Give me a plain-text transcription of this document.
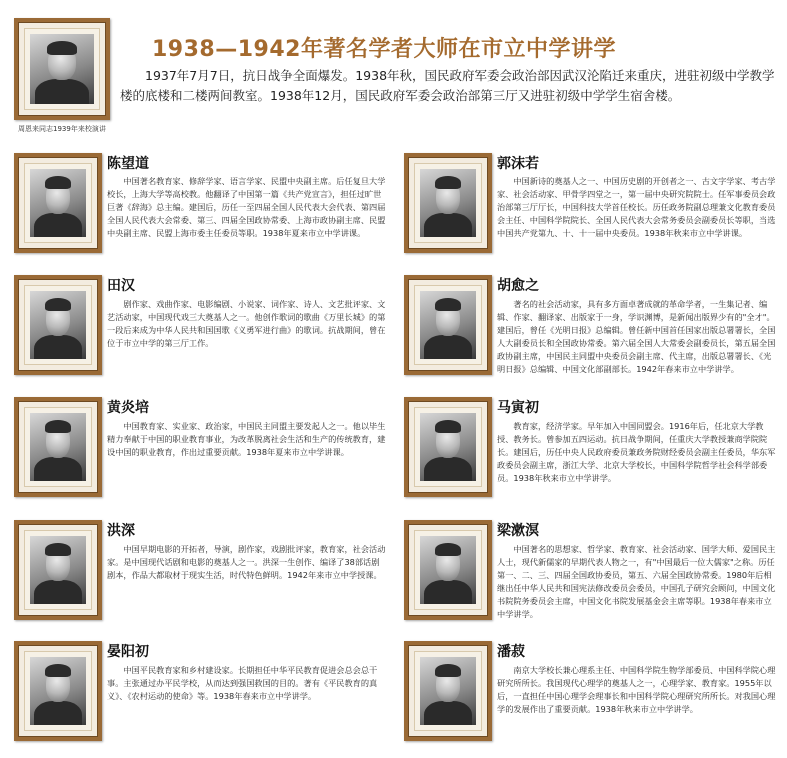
周恩来同志1939年来校演讲
1938—1942年著名学者大师在市立中学讲学
1937年7月7日，抗日战争全面爆发。1938年秋，国民政府军委会政治部因武汉沦陷迁来重庆，进驻初级中学教学楼的底楼和二楼两间教室。1938年12月，国民政府军委会政治部第三厅又进驻初级中学学生宿舍楼。
陈望道
中国著名教育家、修辞学家、语言学家、民盟中央副主席。后任复旦大学校长，上海大学等高校教。他翻译了中国第一篇《共产党宣言》，担任过旷世巨著《辞海》总主编。建国后，历任一至四届全国人民代表大会代表、第四届全国人民代表大会常委、第三、四届全国政协常委、上海市政协副主席、民盟中央副主席、民盟上海市委主任委员等职。1938年夏来市立中学讲课。
田汉
剧作家、戏曲作家、电影编剧、小说家、词作家、诗人、文艺批评家、文艺活动家，中国现代戏三大奠基人之一。他创作歌词的歌曲《万里长城》的第一段后来成为中华人民共和国国歌《义勇军进行曲》的歌词。抗战期间，曾在位于市立中学的第三厅工作。
黄炎培
中国教育家、实业家、政治家，中国民主同盟主要发起人之一。他以毕生精力奉献于中国的职业教育事业，为改革脱离社会生活和生产的传统教育，建设中国的职业教育，作出过重要贡献。1938年夏来市立中学讲课。
洪深
中国早期电影的开拓者，导演，剧作家，戏剧批评家，教育家，社会活动家。是中国现代话剧和电影的奠基人之一。洪深一生创作、编译了38部话剧剧本，作品大都取材于现实生活，时代特色鲜明。1942年来市立中学授课。
晏阳初
中国平民教育家和乡村建设家。长期担任中华平民教育促进会总会总干事。主张通过办平民学校，从而达到强国救国的目的。著有《平民教育的真义》、《农村运动的使命》等。1938年春来市立中学讲学。
郭沫若
中国新诗的奠基人之一、中国历史剧的开创者之一、古文字学家、考古学家、社会活动家、甲骨学四堂之一，第一届中央研究院院士。任军事委员会政治部第三厅厅长，中国科技大学首任校长。历任政务院副总理兼文化教育委员会主任、中国科学院院长、全国人民代表大会常务委员会副委员长等职，当选中国共产党第九、十、十一届中央委员。1938年秋来市立中学讲课。
胡愈之
著名的社会活动家，具有多方面卓著成就的革命学者，一生集记者、编辑、作家、翻译家、出版家于一身，学识渊博，是新闻出版界少有的"全才"。建国后，曾任《光明日报》总编辑。曾任新中国首任国家出版总署署长，全国人大副委员长和全国政协常委。第六届全国人大常委会副委员长，第五届全国政协副主席，中国民主同盟中央委员会副主席、代主席，出版总署署长、《光明日报》总编辑、中国文化部副部长。1942年春来市立中学讲学。
马寅初
教育家，经济学家。早年加入中国同盟会。1916年后，任北京大学教授、教务长。曾参加五四运动。抗日战争期间，任重庆大学教授兼商学院院长。建国后，历任中央人民政府委员兼政务院财经委员会副主任委员，华东军政委员会副主席，浙江大学、北京大学校长，中国科学院哲学社会科学部委员。1938年秋来市立中学讲学。
梁漱溟
中国著名的思想家、哲学家、教育家、社会活动家、国学大师、爱国民主人士，现代新儒家的早期代表人物之一，有"中国最后一位大儒家"之称。历任第一、二、三、四届全国政协委员，第五、六届全国政协常委。1980年后相继出任中华人民共和国宪法修改委员会委员，中国孔子研究会顾问，中国文化书院院务委员会主席，中国文化书院发展基金会主席等职。1938年春来市立中学讲学。
潘菽
南京大学校长兼心理系主任、中国科学院生物学部委员、中国科学院心理研究所所长。我国现代心理学的奠基人之一，心理学家、教育家。1955年以后，一直担任中国心理学会理事长和中国科学院心理研究所所长。对我国心理学的发展作出了重要贡献。1938年秋来市立中学讲学。
